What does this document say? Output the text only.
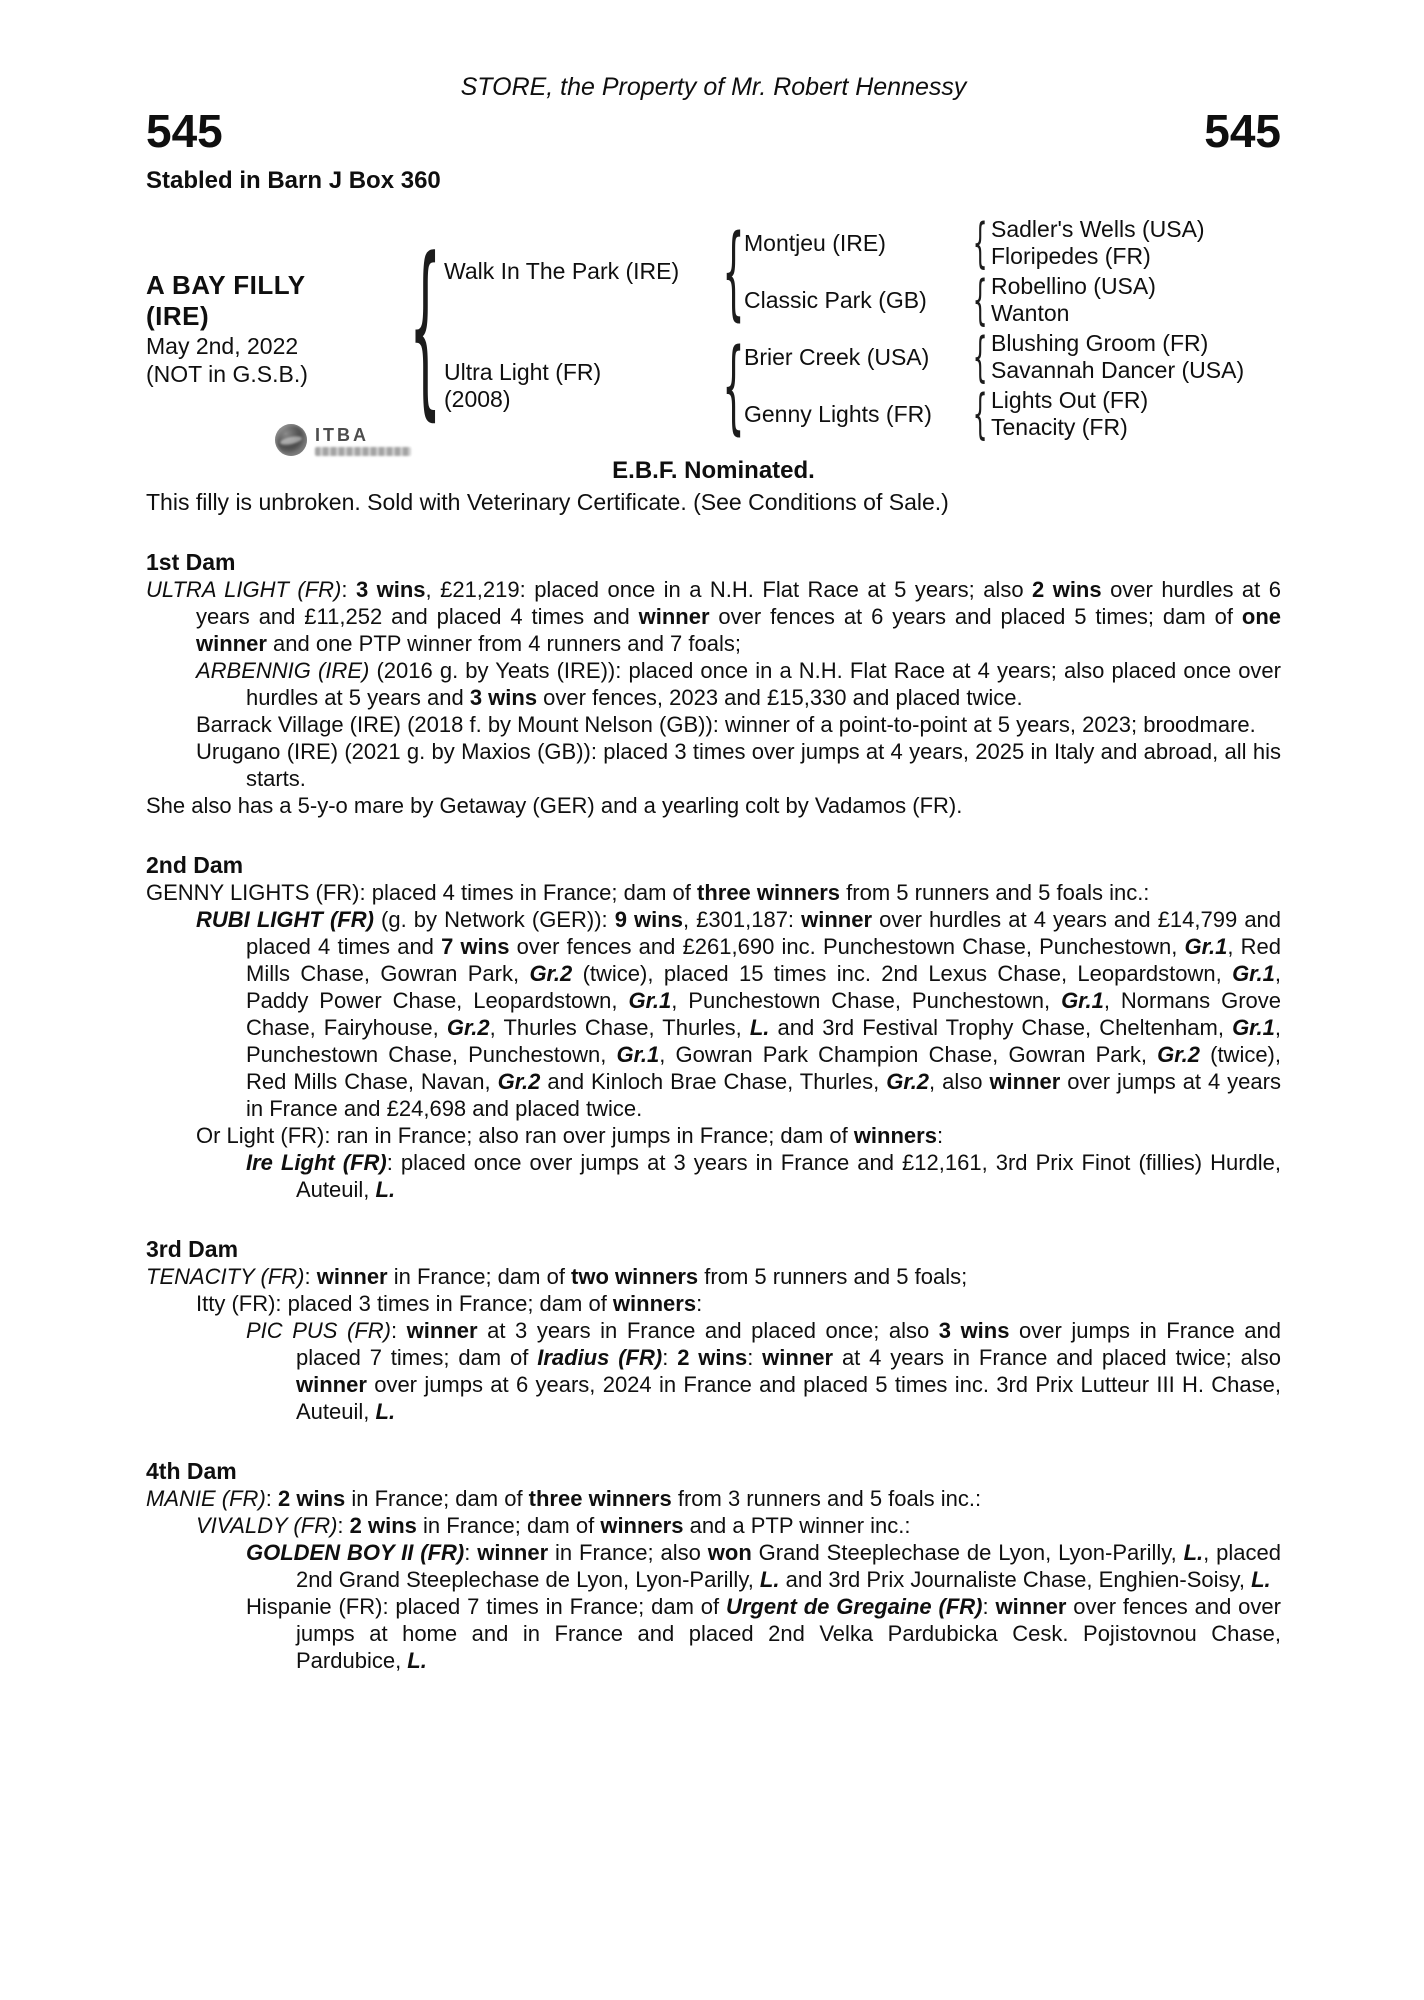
STORE, the Property of Mr. Robert Hennessy
545	545
Stabled in Barn J Box 360
A BAY FILLY
(IRE)
May 2nd, 2022
(NOT in G.S.B.)
{
Walk In The Park (IRE)
{
Montjeu (IRE)
{
Sadler's Wells (USA)
Floripedes (FR)
Classic Park (GB)
{
Robellino (USA)
Wanton
Ultra Light (FR)
(2008)
{
Brier Creek (USA)
{
Blushing Groom (FR)
Savannah Dancer (USA)
Genny Lights (FR)
{
Lights Out (FR)
Tenacity (FR)
E.B.F. Nominated.
This filly is unbroken. Sold with Veterinary Certificate. (See Conditions of Sale.)
1st Dam

ULTRA LIGHT (FR): 3 wins, £21,219: placed once in a N.H. Flat Race at 5 years; also 2 wins over hurdles at 6 years and £11,252 and placed 4 times and winner over fences at 6 years and placed 5 times; dam of one winner and one PTP winner from 4 runners and 7 foals;

ARBENNIG (IRE) (2016 g. by Yeats (IRE)): placed once in a N.H. Flat Race at 4 years; also placed once over hurdles at 5 years and 3 wins over fences, 2023 and £15,330 and placed twice.

Barrack Village (IRE) (2018 f. by Mount Nelson (GB)): winner of a point-to-point at 5 years, 2023; broodmare.

Urugano (IRE) (2021 g. by Maxios (GB)): placed 3 times over jumps at 4 years, 2025 in Italy and abroad, all his starts.

She also has a 5-y-o mare by Getaway (GER) and a yearling colt by Vadamos (FR).

2nd Dam

GENNY LIGHTS (FR): placed 4 times in France; dam of three winners from 5 runners and 5 foals inc.:

RUBI LIGHT (FR) (g. by Network (GER)): 9 wins, £301,187: winner over hurdles at 4 years and £14,799 and placed 4 times and 7 wins over fences and £261,690 inc. Punchestown Chase, Punchestown, Gr.1, Red Mills Chase, Gowran Park, Gr.2 (twice), placed 15 times inc. 2nd Lexus Chase, Leopardstown, Gr.1, Paddy Power Chase, Leopardstown, Gr.1, Punchestown Chase, Punchestown, Gr.1, Normans Grove Chase, Fairyhouse, Gr.2, Thurles Chase, Thurles, L. and 3rd Festival Trophy Chase, Cheltenham, Gr.1, Punchestown Chase, Punchestown, Gr.1, Gowran Park Champion Chase, Gowran Park, Gr.2 (twice), Red Mills Chase, Navan, Gr.2 and Kinloch Brae Chase, Thurles, Gr.2, also winner over jumps at 4 years in France and £24,698 and placed twice.

Or Light (FR): ran in France; also ran over jumps in France; dam of winners:

Ire Light (FR): placed once over jumps at 3 years in France and £12,161, 3rd Prix Finot (fillies) Hurdle, Auteuil, L.

3rd Dam

TENACITY (FR): winner in France; dam of two winners from 5 runners and 5 foals;

Itty (FR): placed 3 times in France; dam of winners:

PIC PUS (FR): winner at 3 years in France and placed once; also 3 wins over jumps in France and placed 7 times; dam of Iradius (FR): 2 wins: winner at 4 years in France and placed twice; also winner over jumps at 6 years, 2024 in France and placed 5 times inc. 3rd Prix Lutteur III H. Chase, Auteuil, L.

4th Dam

MANIE (FR): 2 wins in France; dam of three winners from 3 runners and 5 foals inc.:

VIVALDY (FR): 2 wins in France; dam of winners and a PTP winner inc.:

GOLDEN BOY II (FR): winner in France; also won Grand Steeplechase de Lyon, Lyon-Parilly, L., placed 2nd Grand Steeplechase de Lyon, Lyon-Parilly, L. and 3rd Prix Journaliste Chase, Enghien-Soisy, L.

Hispanie (FR): placed 7 times in France; dam of Urgent de Gregaine (FR): winner over fences and over jumps at home and in France and placed 2nd Velka Pardubicka Cesk. Pojistovnou Chase, Pardubice, L.

ITBA
